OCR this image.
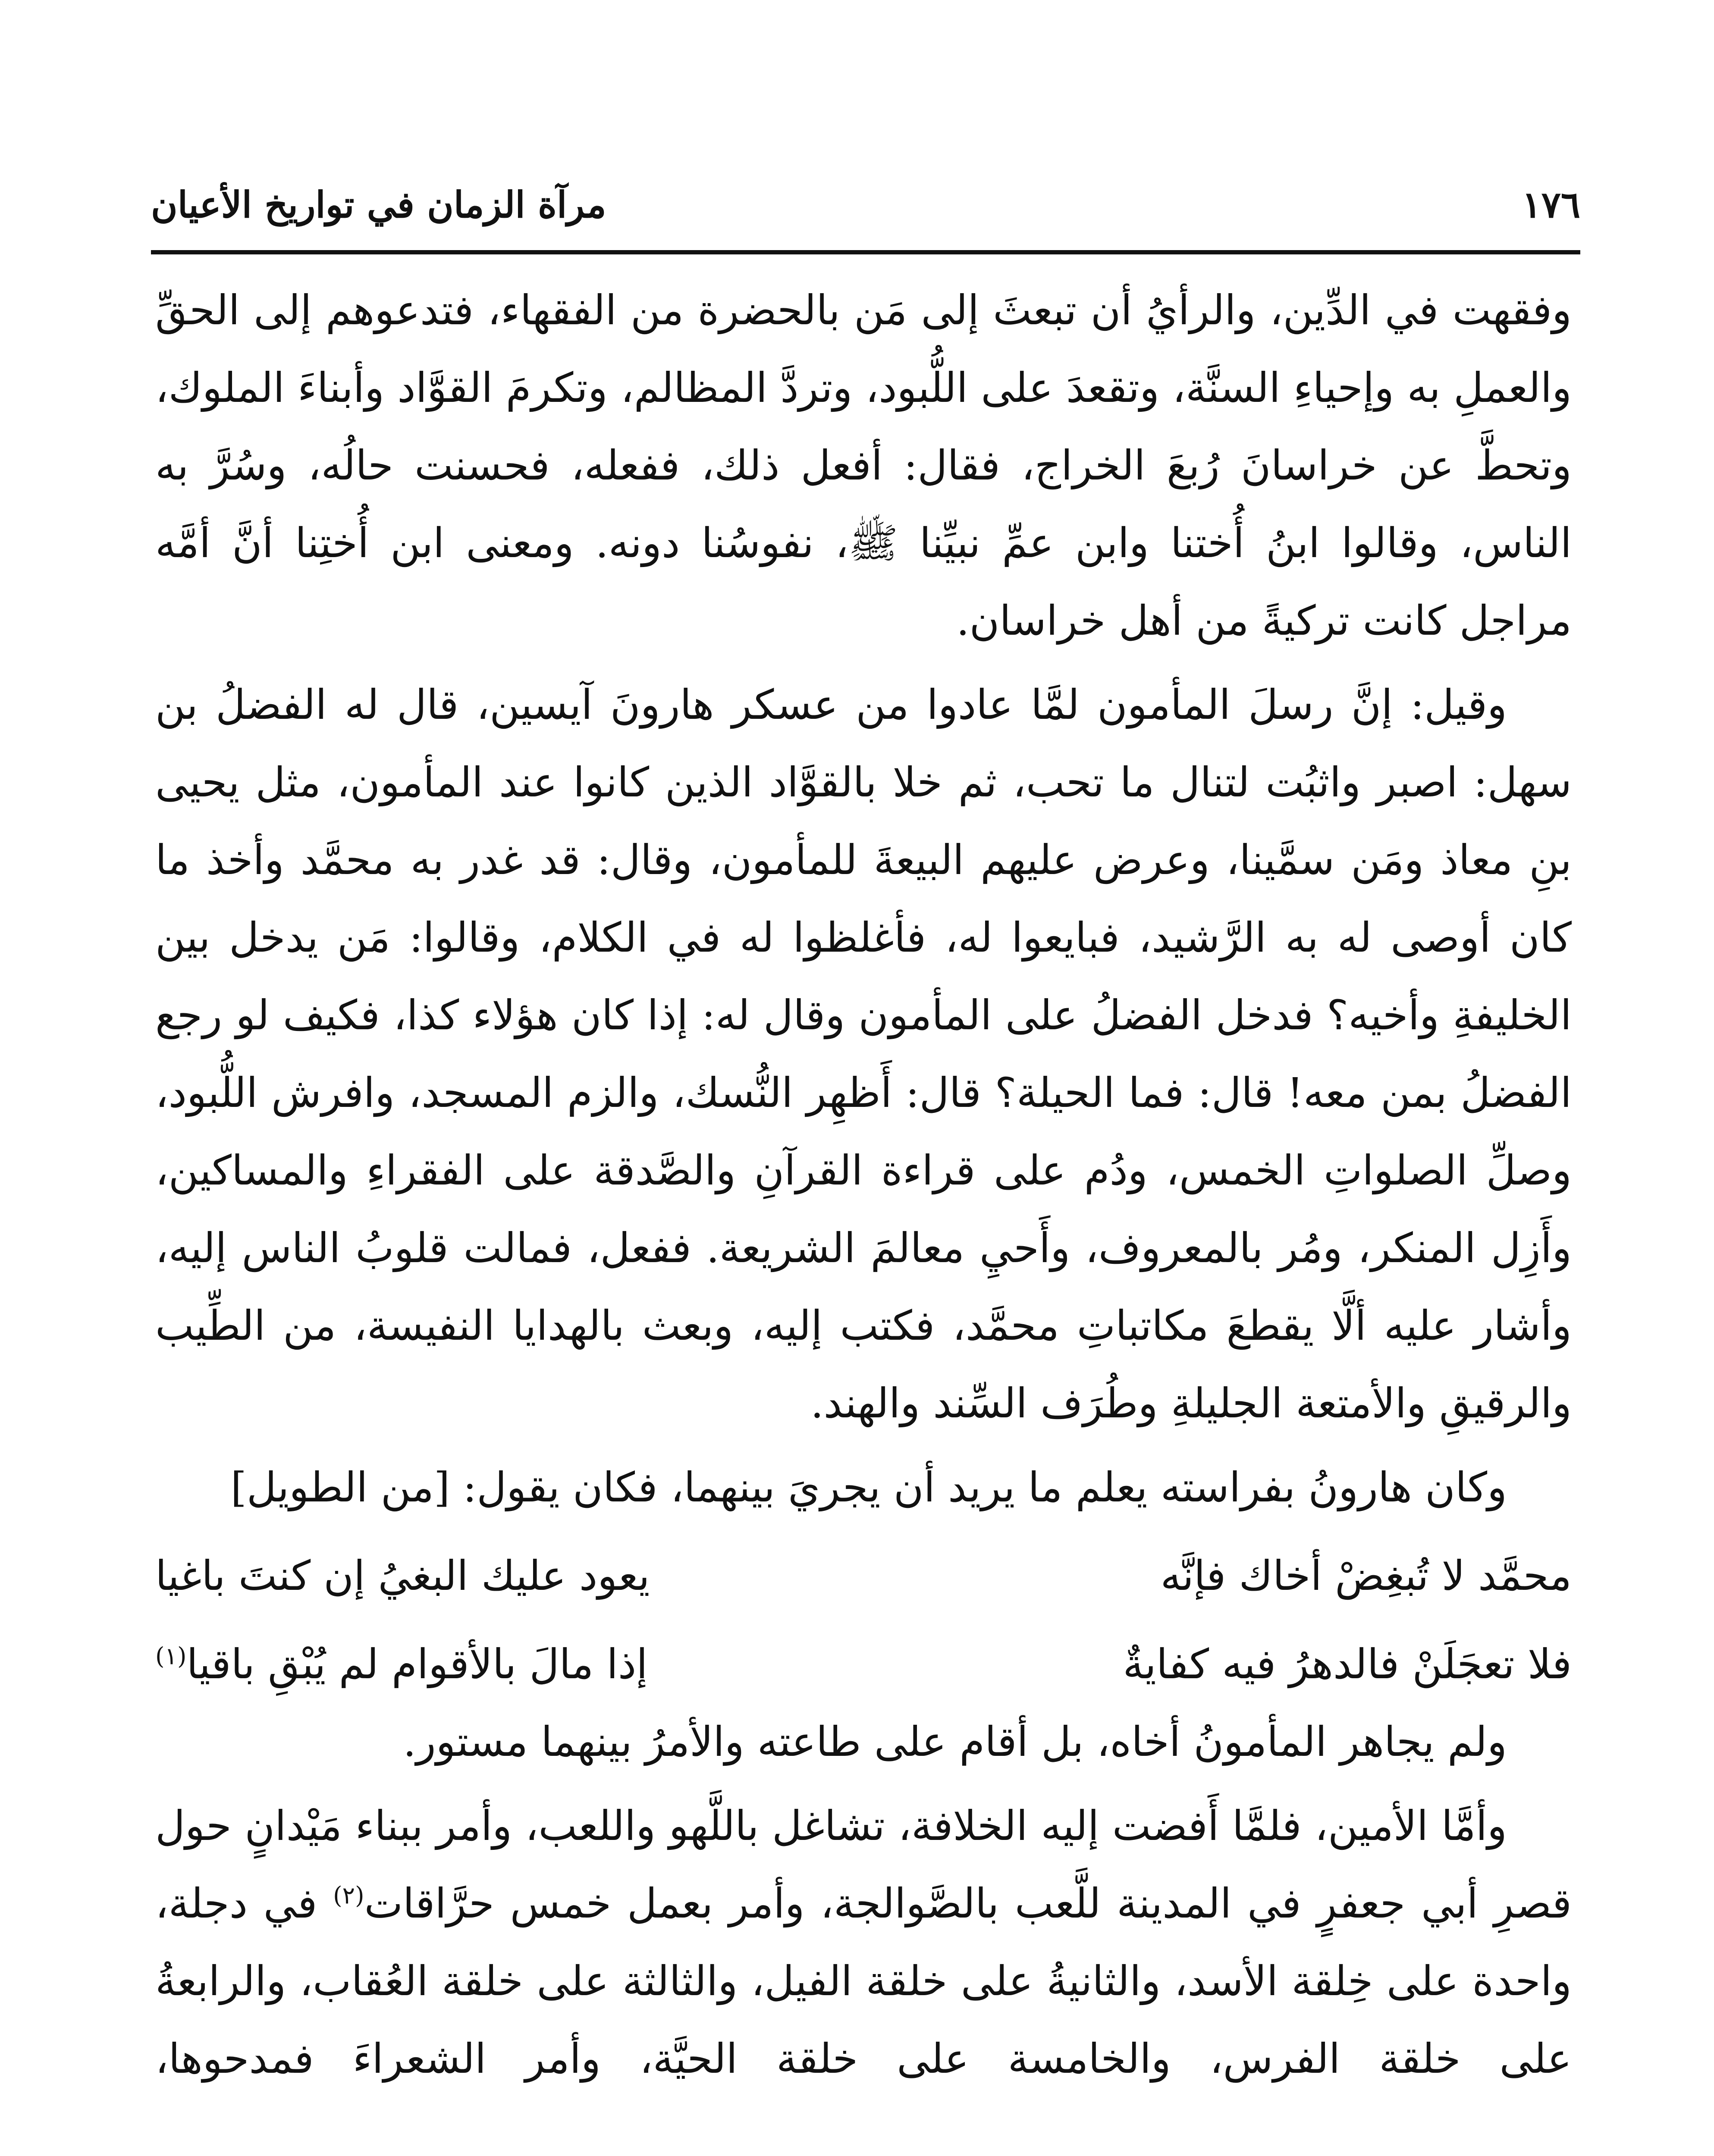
١٧٦
مرآة الزمان في تواريخ الأعيان

وفقهت في الدِّين، والرأيُ أن تبعثَ إلى مَن بالحضرة من الفقهاء، فتدعوهم إلى الحقِّ والعملِ به وإحياءِ السنَّة، وتقعدَ على اللُّبود، وتردَّ المظالم، وتكرمَ القوَّاد وأبناءَ الملوك، وتحطَّ عن خراسانَ رُبعَ الخراج، فقال: أفعل ذلك، ففعله، فحسنت حالُه، وسُرَّ به الناس، وقالوا ابنُ أُختنا وابن عمِّ نبيِّنا ﷺ، نفوسُنا دونه. ومعنى ابن أُختِنا أنَّ أمَّه مراجل كانت تركيةً من أهل خراسان.

وقيل: إنَّ رسلَ المأمون لمَّا عادوا من عسكر هارونَ آيسين، قال له الفضلُ بن سهل: اصبر واثبُت لتنال ما تحب، ثم خلا بالقوَّاد الذين كانوا عند المأمون، مثل يحيى بنِ معاذ ومَن سمَّينا، وعرض عليهم البيعةَ للمأمون، وقال: قد غدر به محمَّد وأخذ ما كان أوصى له به الرَّشيد، فبايعوا له، فأغلظوا له في الكلام، وقالوا: مَن يدخل بين الخليفةِ وأخيه؟ فدخل الفضلُ على المأمون وقال له: إذا كان هؤلاء كذا، فكيف لو رجع الفضلُ بمن معه! قال: فما الحيلة؟ قال: أَظهِر النُّسك، والزم المسجد، وافرش اللُّبود، وصلِّ الصلواتِ الخمس، ودُم على قراءة القرآنِ والصَّدقة على الفقراءِ والمساكين، وأَزِل المنكر، ومُر بالمعروف، وأَحيِ معالمَ الشريعة. ففعل، فمالت قلوبُ الناس إليه، وأشار عليه ألَّا يقطعَ مكاتباتِ محمَّد، فكتب إليه، وبعث بالهدايا النفيسة، من الطِّيب والرقيقِ والأمتعة الجليلةِ وطُرَف السِّند والهند.

وكان هارونُ بفراسته يعلم ما يريد أن يجريَ بينهما، فكان يقول: [من الطويل]

محمَّد لا تُبغِضْ أخاك فإنَّه
يعود عليك البغيُ إن كنتَ باغيا
فلا تعجَلَنْ فالدهرُ فيه كفايةٌ
إذا مالَ بالأقوام لم يُبْقِ باقيا$^{(١)}$

ولم يجاهر المأمونُ أخاه، بل أقام على طاعته والأمرُ بينهما مستور.

وأمَّا الأمين، فلمَّا أَفضت إليه الخلافة، تشاغل باللَّهو واللعب، وأمر ببناء مَيْدانٍ حول قصرِ أبي جعفرٍ في المدينة للَّعب بالصَّوالجة، وأمر بعمل خمس حرَّاقات$^{(٢)}$ في دجلة، واحدة على خِلقة الأسد، والثانيةُ على خلقة الفيل، والثالثة على خلقة العُقاب، والرابعةُ على خلقة الفرس، والخامسة على خلقة الحيَّة، وأمر الشعراءَ فمدحوها،
